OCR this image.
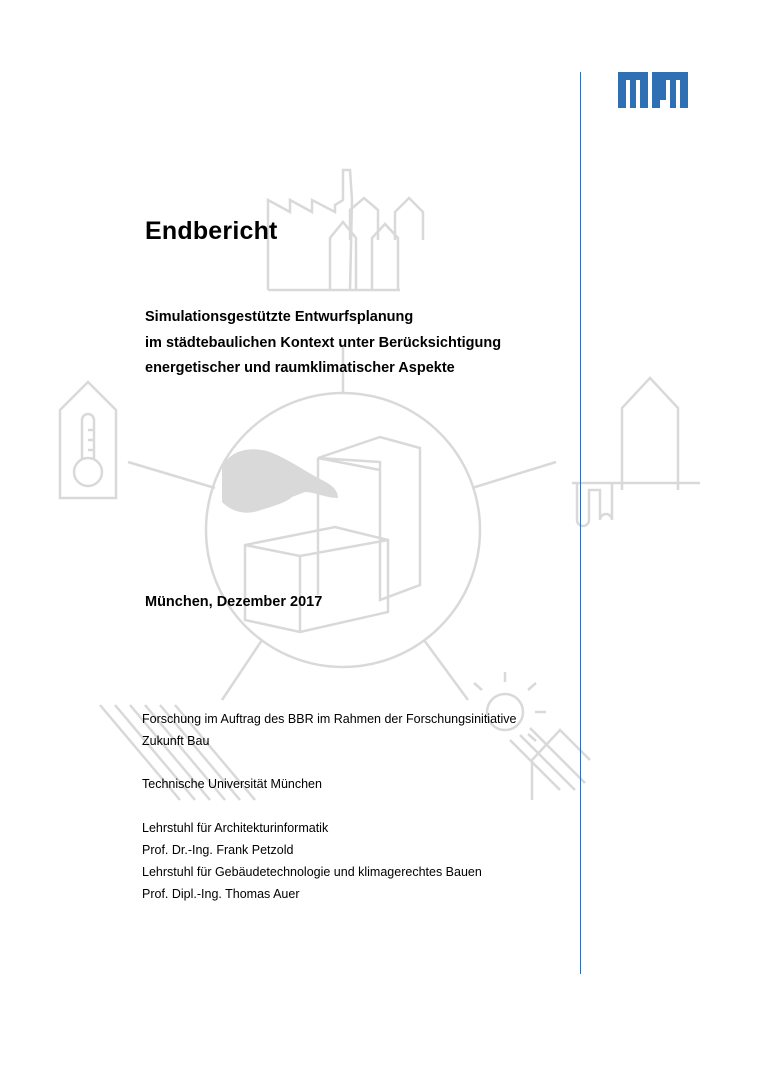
Endbericht
Simulationsgestützte Entwurfsplanung
im städtebaulichen Kontext unter Berücksichtigung
energetischer und raumklimatischer Aspekte
München, Dezember 2017
Forschung im Auftrag des BBR im Rahmen der Forschungsinitiative
Zukunft Bau
Technische Universität München
Lehrstuhl für Architekturinformatik
Prof. Dr.-Ing. Frank Petzold
Lehrstuhl für Gebäudetechnologie und klimagerechtes Bauen
Prof. Dipl.-Ing. Thomas Auer
